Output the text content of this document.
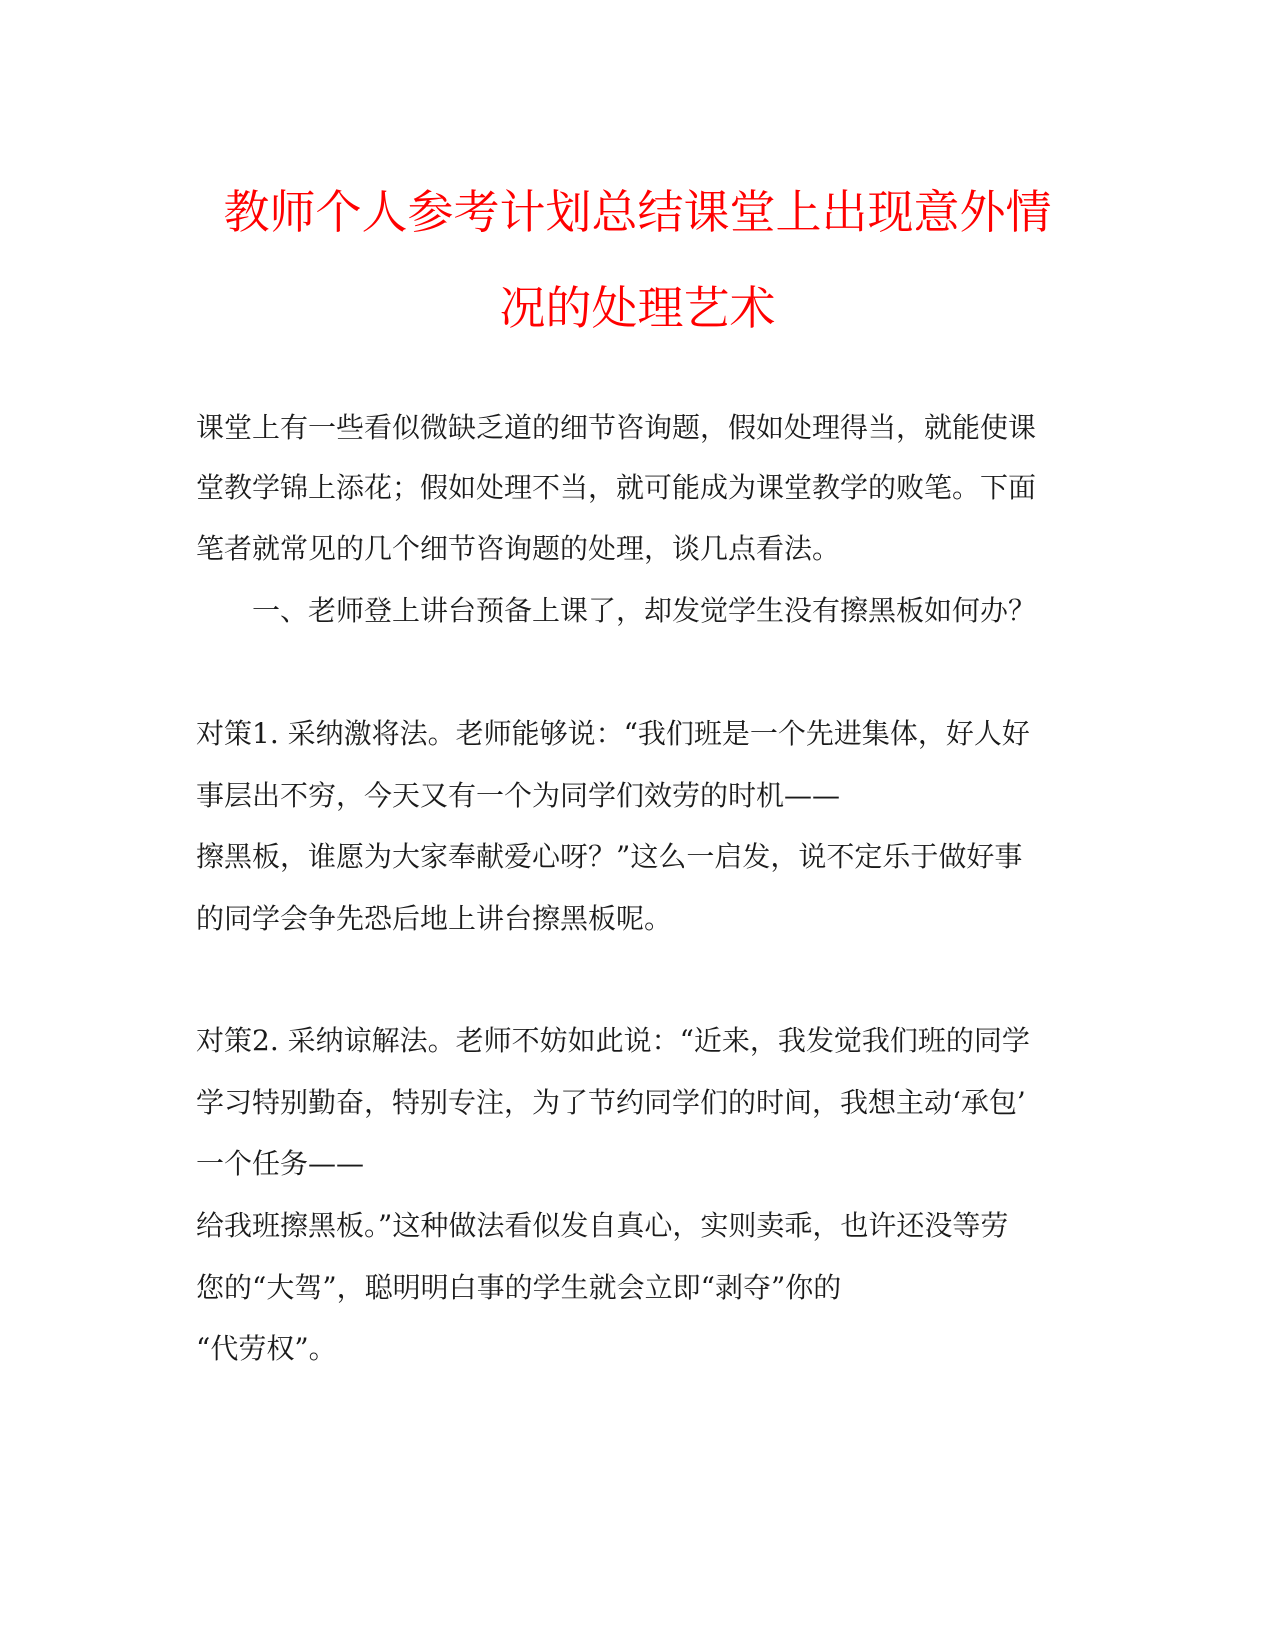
教师个人参考计划总结课堂上出现意外情
况的处理艺术

课堂上有一些看似微缺乏道的细节咨询题，假如处理得当，就能使课

堂教学锦上添花；假如处理不当，就可能成为课堂教学的败笔。下面

笔者就常见的几个细节咨询题的处理，谈几点看法。

一、老师登上讲台预备上课了，却发觉学生没有擦黑板如何办？

对策1. 采纳激将法。老师能够说：“我们班是一个先进集体，好人好

事层出不穷，今天又有一个为同学们效劳的时机——

擦黑板，谁愿为大家奉献爱心呀？”这么一启发，说不定乐于做好事

的同学会争先恐后地上讲台擦黑板呢。

对策2. 采纳谅解法。老师不妨如此说：“近来，我发觉我们班的同学

学习特别勤奋，特别专注，为了节约同学们的时间，我想主动‘承包’

一个任务——

给我班擦黑板。”这种做法看似发自真心，实则卖乖，也许还没等劳

您的“大驾”，聪明明白事的学生就会立即“剥夺”你的

“代劳权”。
